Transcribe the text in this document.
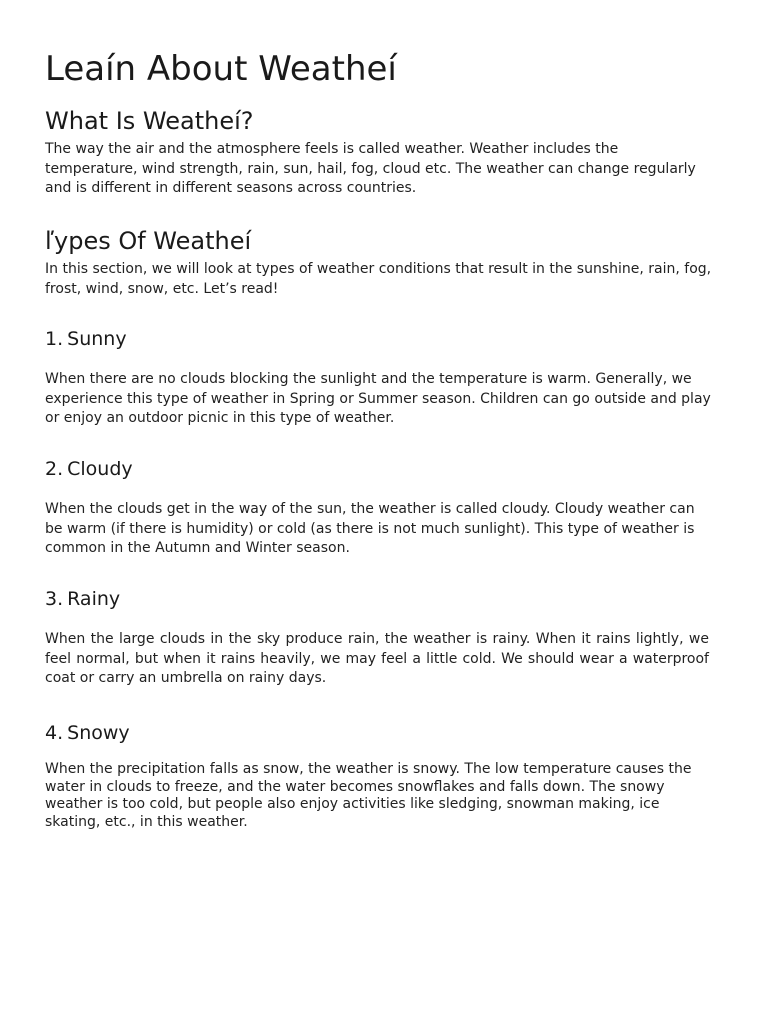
Leaín About Weatheí
What Is Weatheí?

The way the air and the atmosphere feels is called weather. Weather includes the temperature, wind strength, rain, sun, hail, fog, cloud etc. The weather can change regularly and is different in different seasons across countries.

ľypes Of Weatheí

In this section, we will look at types of weather conditions that result in the sunshine, rain, fog, frost, wind, snow, etc. Let’s read!

1. Sunny

When there are no clouds blocking the sunlight and the temperature is warm. Generally, we experience this type of weather in Spring or Summer season. Children can go outside and play or enjoy an outdoor picnic in this type of weather.

2. Cloudy

When the clouds get in the way of the sun, the weather is called cloudy. Cloudy weather can be warm (if there is humidity) or cold (as there is not much sunlight). This type of weather is common in the Autumn and Winter season.

3. Rainy

When the large clouds in the sky produce rain, the weather is rainy. When it rains lightly, we feel normal, but when it rains heavily, we may feel a little cold. We should wear a waterproof coat or carry an umbrella on rainy days.

4. Snowy

When the precipitation falls as snow, the weather is snowy. The low temperature causes the water in clouds to freeze, and the water becomes snowflakes and falls down. The snowy weather is too cold, but people also enjoy activities like sledging, snowman making, ice skating, etc., in this weather.
